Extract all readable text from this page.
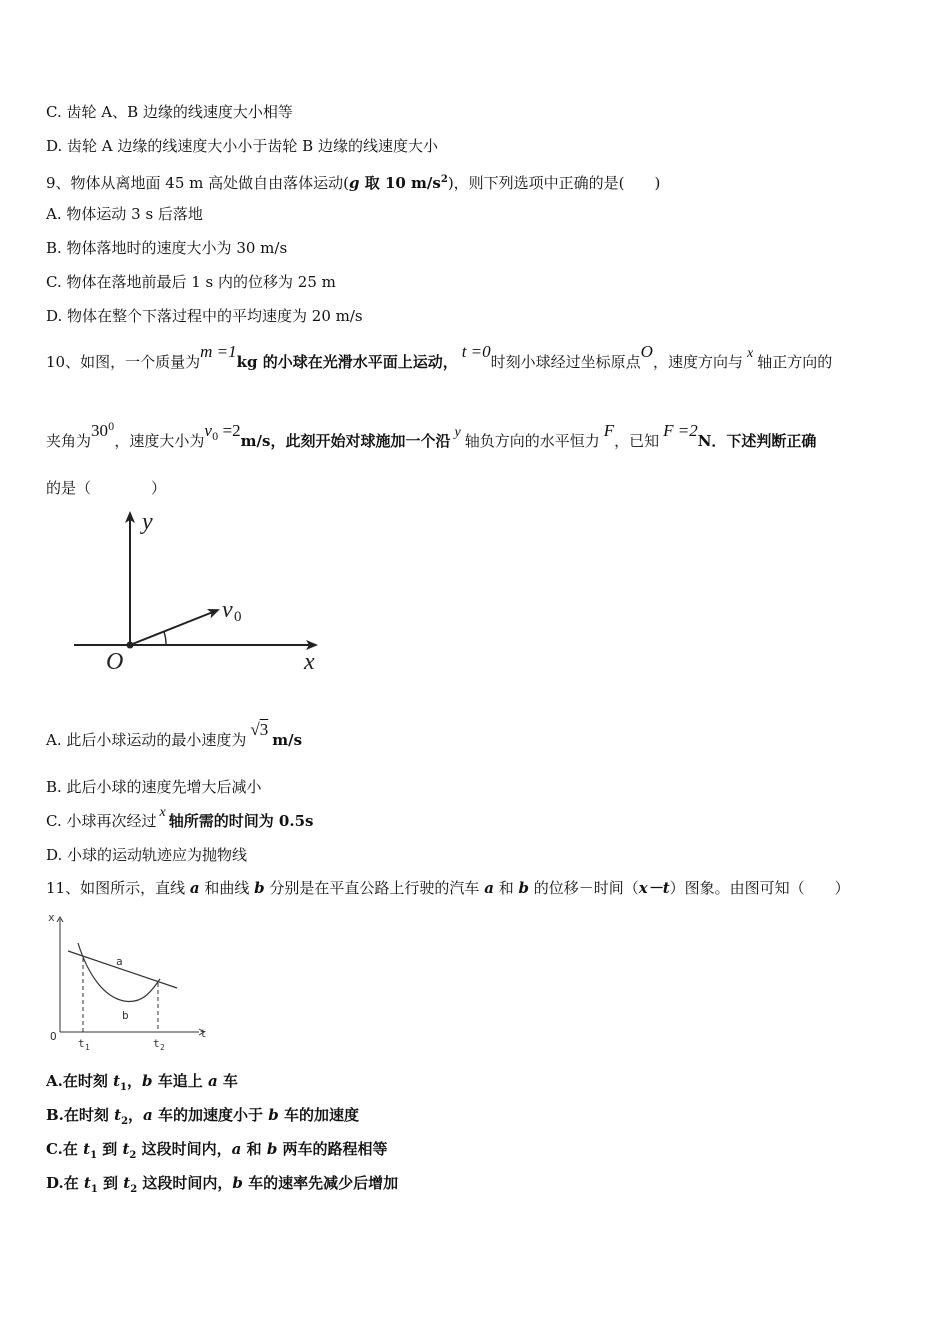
C. 齿轮 A、B 边缘的线速度大小相等
D. 齿轮 A 边缘的线速度大小小于齿轮 B 边缘的线速度大小
9、物体从离地面 45 m 高处做自由落体运动(g 取 10 $m/s^2$)，则下列选项中正确的是(　　)
A. 物体运动 3 s 后落地
B. 物体落地时的速度大小为 30 m/s
C. 物体在落地前最后 1 s 内的位移为 25 m
D. 物体在整个下落过程中的平均速度为 20 m/s
10、如图，一个质量为m =1kg 的小球在光滑水平面上运动，t =0时刻小球经过坐标原点O，速度方向与 x 轴正方向的
夹角为$30^0$，速度大小为$v_0 =2m/s$，此刻开始对球施加一个沿 y 轴负方向的水平恒力F，已知F =2N．下述判断正确
的是（　　　　）
y
x
O
v 0
A. 此后小球运动的最小速度为√3m/s
B. 此后小球的速度先增大后减小
C. 小球再次经过 x 轴所需的时间为 0.5s
D. 小球的运动轨迹应为抛物线
11、如图所示，直线 a 和曲线 b 分别是在平直公路上行驶的汽车 a 和 b 的位移－时间（x－t）图象。由图可知（　　）
x
t
O
a
b
t 1	t 2
A.在时刻 $t_1$，b 车追上 a 车
B.在时刻 $t_2$，a 车的加速度小于 b 车的加速度
C.在 $t_1$ 到 $t_2$ 这段时间内，a 和 b 两车的路程相等
D.在 $t_1$ 到 $t_2$ 这段时间内，b 车的速率先减少后增加
